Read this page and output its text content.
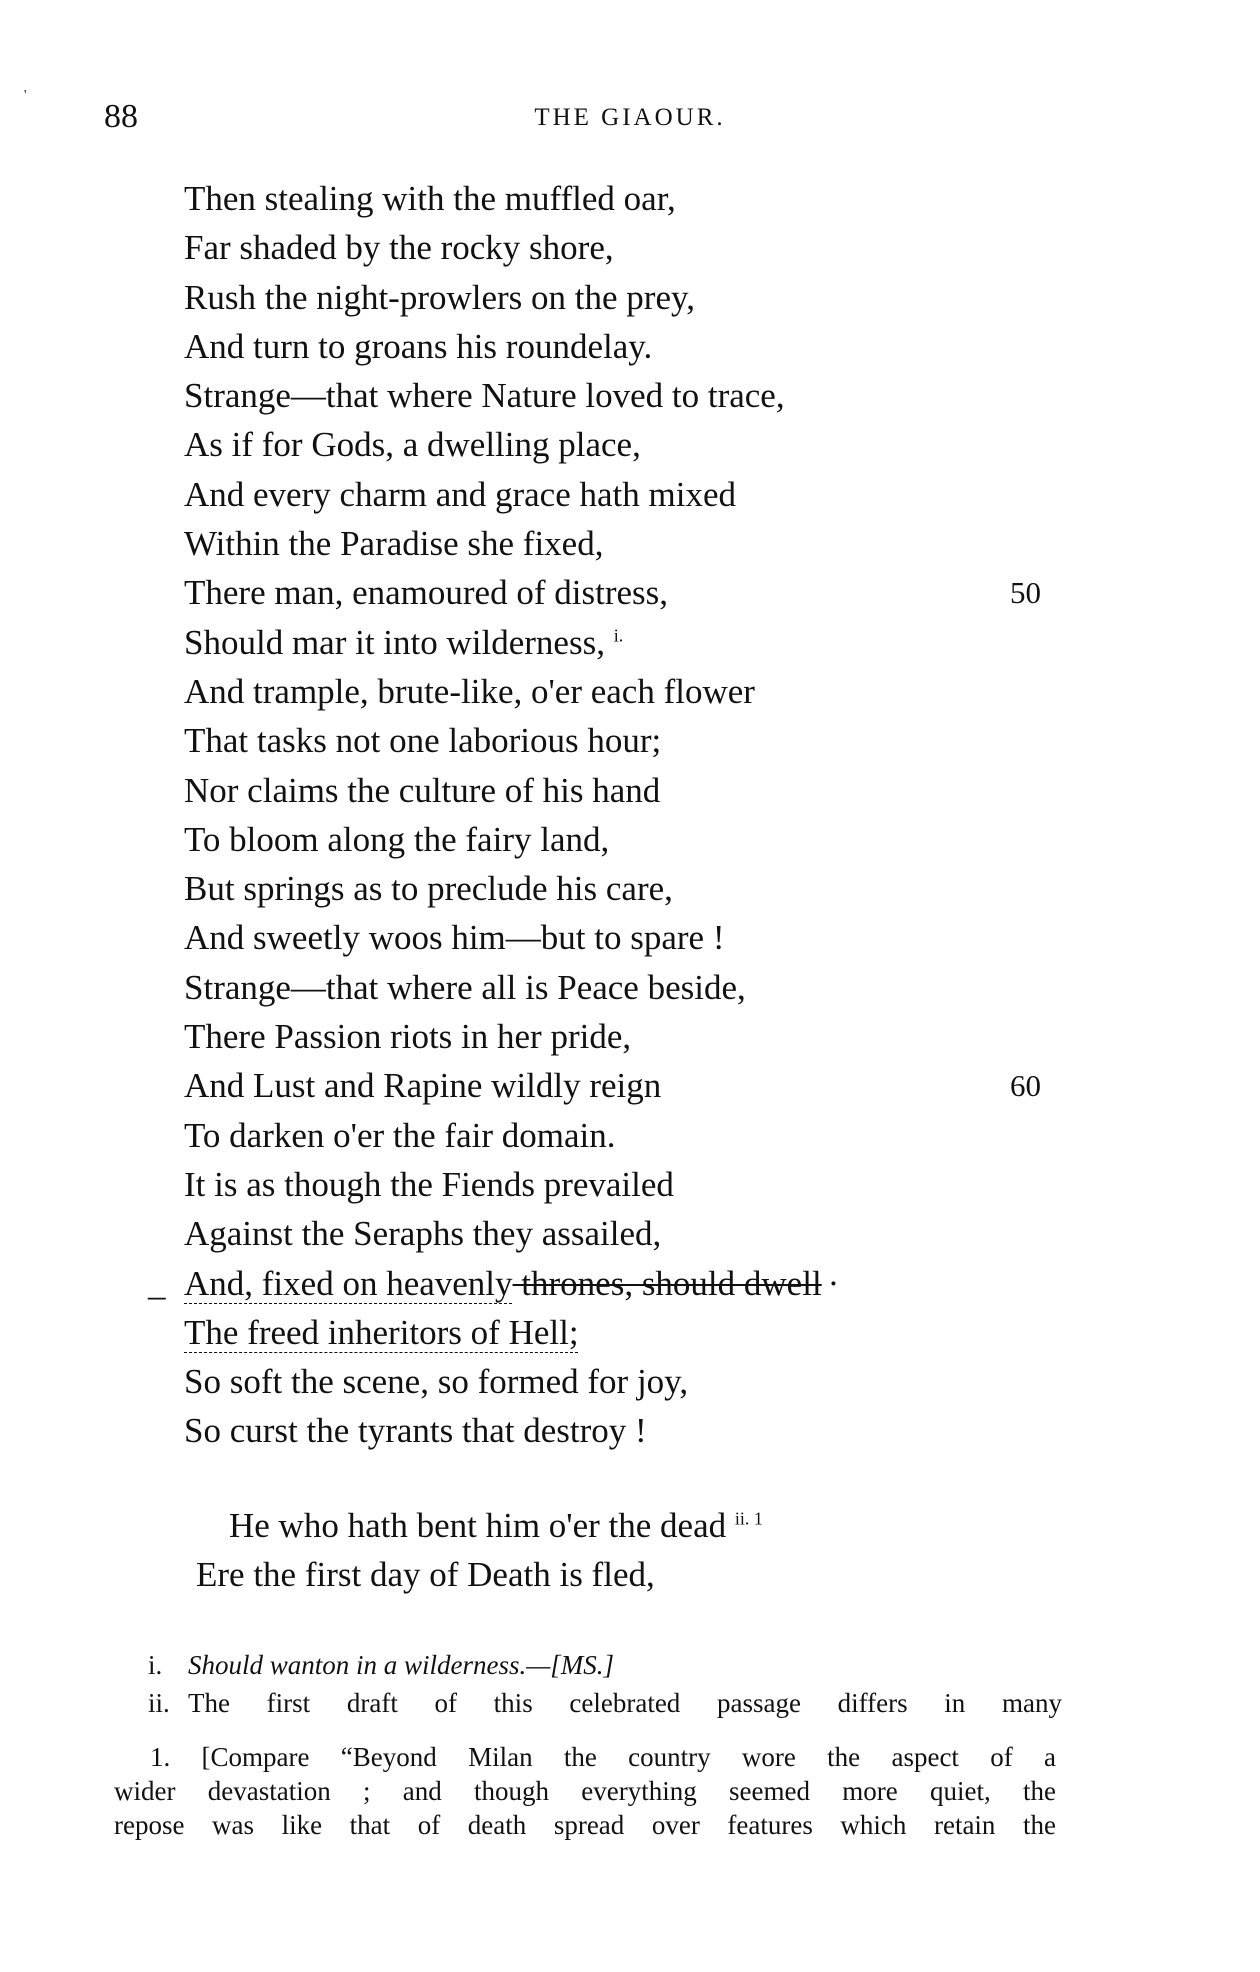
'
88	THE GIAOUR.
Then stealing with the muffled oar,
Far shaded by the rocky shore,
Rush the night-prowlers on the prey,
And turn to groans his roundelay.
Strange—that where Nature loved to trace,
As if for Gods, a dwelling place,
And every charm and grace hath mixed
Within the Paradise she fixed,
There man, enamoured of distress,	50
Should mar it into wilderness, $^{i.}$
And trample, brute-like, o'er each flower
That tasks not one laborious hour;
Nor claims the culture of his hand
To bloom along the fairy land,
But springs as to preclude his care,
And sweetly woos him—but to spare !
Strange—that where all is Peace beside,
There Passion riots in her pride,
And Lust and Rapine wildly reign	60
To darken o'er the fair domain.
It is as though the Fiends prevailed
Against the Seraphs they assailed,
_ And, fixed on heavenly thrones, should dwell ·
The freed inheritors of Hell;
So soft the scene, so formed for joy,
So curst the tyrants that destroy !
He who hath bent him o'er the dead $^{ii. 1}$
Ere the first day of Death is fled,
i. Should wanton in a wilderness.—[MS.]
ii. The first draft of this celebrated passage differs in many
1. [Compare “Beyond Milan the country wore the aspect of a
wider devastation ; and though everything seemed more quiet, the
repose was like that of death spread over features which retain the
